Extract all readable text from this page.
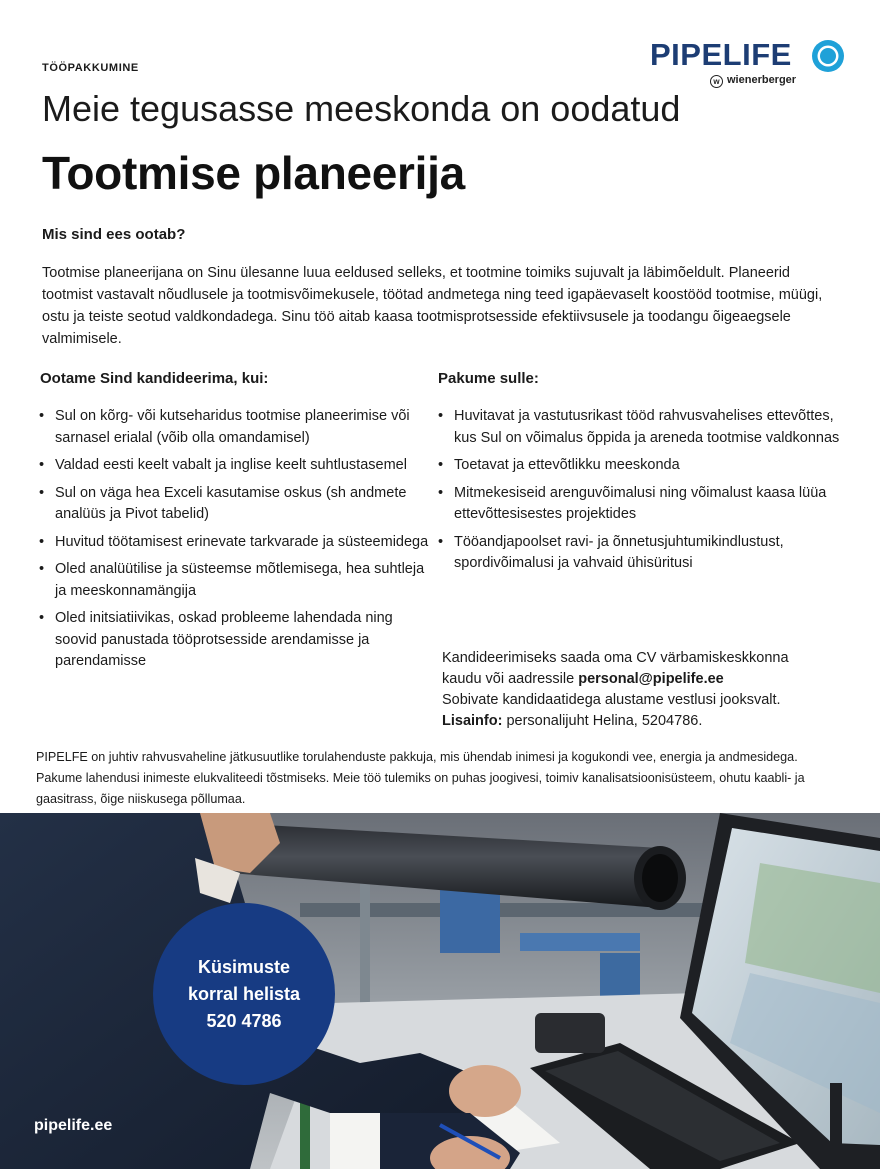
TÖÖPAKKUMINE	PIPELIFE
w wienerberger
Meie tegusasse meeskonda on oodatud
Tootmise planeerija
Mis sind ees ootab?
Tootmise planeerijana on Sinu ülesanne luua eeldused selleks, et tootmine toimiks sujuvalt ja läbimõeldult. Planeerid tootmist vastavalt nõudlusele ja tootmisvõimekusele, töötad andmetega ning teed igapäevaselt koostööd tootmise, müügi, ostu ja teiste seotud valdkondadega. Sinu töö aitab kaasa tootmisprotsesside efektiivsusele ja toodangu õigeaegsele valmimisele.
Ootame Sind kandideerima, kui:	Pakume sulle:
• Sul on kõrg- või kutseharidus tootmise planeerimise või sarnasel erialal (võib olla omandamisel)
• Valdad eesti keelt vabalt ja inglise keelt suhtlustasemel
• Sul on väga hea Exceli kasutamise oskus (sh andmete analüüs ja Pivot tabelid)
• Huvitud töötamisest erinevate tarkvarade ja süsteemidega
• Oled analüütilise ja süsteemse mõtlemisega, hea suhtleja ja meeskonnamängija
• Oled initsiatiivikas, oskad probleeme lahendada ning soovid panustada tööprotsesside arendamisse ja parendamisse
• Huvitavat ja vastutusrikast tööd rahvusvahelises ettevõttes, kus Sul on võimalus õppida ja areneda tootmise valdkonnas
• Toetavat ja ettevõtlikku meeskonda
• Mitmekesiseid arenguvõimalusi ning võimalust kaasa lüüa ettevõttesisestes projektides
• Tööandjapoolset ravi- ja õnnetusjuhtumikindlustust, spordivõimalusi ja vahvaid ühisüritusi
Kandideerimiseks saada oma CV värbamiskeskkonna
kaudu või aadressile personal@pipelife.ee
Sobivate kandidaatidega alustame vestlusi jooksvalt.
Lisainfo: personalijuht Helina, 5204786.
PIPELFE on juhtiv rahvusvaheline jätkusuutlike torulahenduste pakkuja, mis ühendab inimesi ja kogukondi vee, energia ja andmesidega. Pakume lahendusi inimeste elukvaliteedi tõstmiseks. Meie töö tulemiks on puhas joogivesi, toimiv kanalisatsioonisüsteem, ohutu kaabli- ja gaasitrass, õige niiskusega põllumaa.
Küsimuste
korral helista
520 4786
pipelife.ee
